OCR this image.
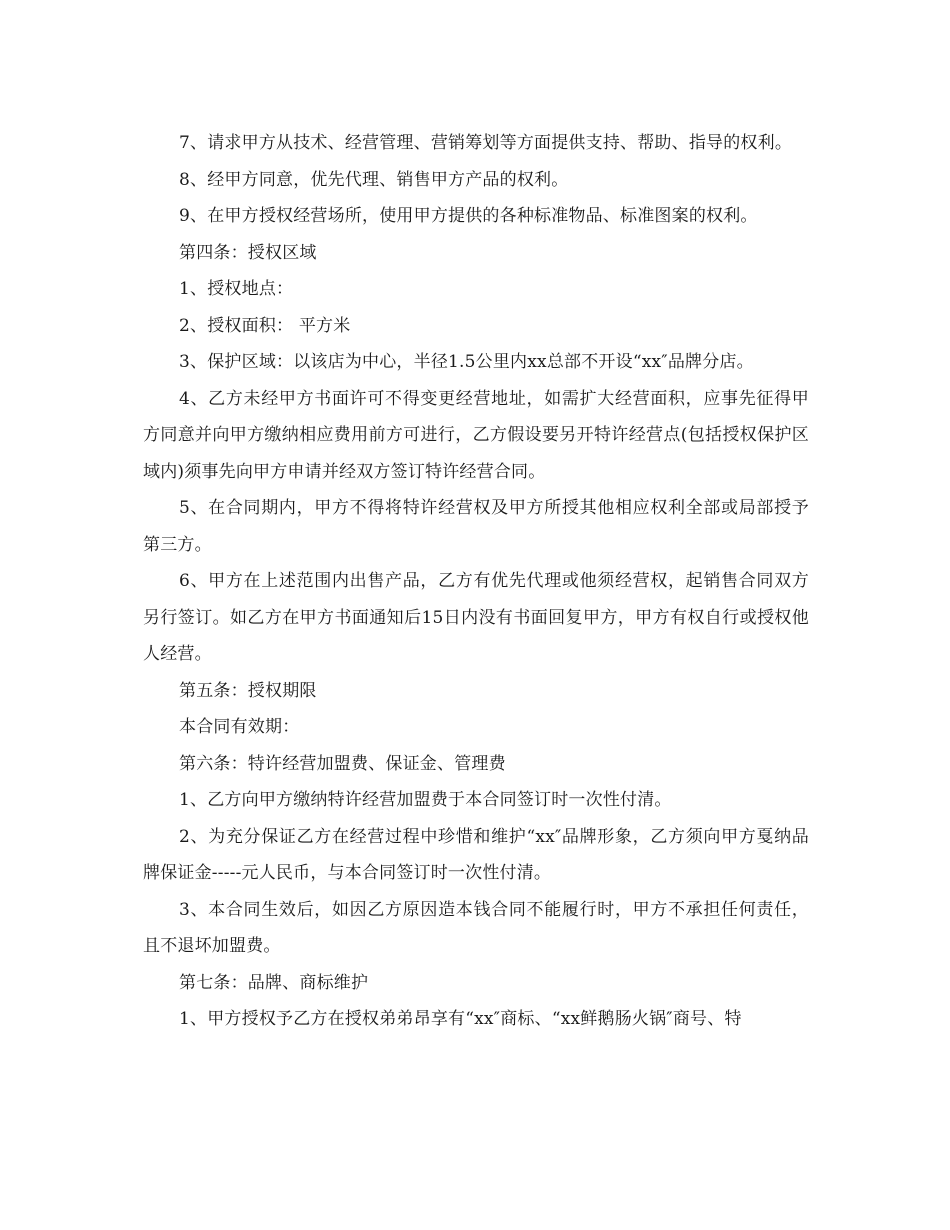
7、请求甲方从技术、经营管理、营销筹划等方面提供支持、帮助、指导的权利。

8、经甲方同意，优先代理、销售甲方产品的权利。

9、在甲方授权经营场所，使用甲方提供的各种标准物品、标准图案的权利。

第四条：授权区域

1、授权地点：

2、授权面积： 平方米

3、保护区域：以该店为中心，半径1.5公里内xx总部不开设“xx″品牌分店。

4、乙方未经甲方书面许可不得变更经营地址，如需扩大经营面积，应事先征得甲方同意并向甲方缴纳相应费用前方可进行，乙方假设要另开特许经营点(包括授权保护区域内)须事先向甲方申请并经双方签订特许经营合同。

5、在合同期内，甲方不得将特许经营权及甲方所授其他相应权利全部或局部授予第三方。

6、甲方在上述范围内出售产品，乙方有优先代理或他须经营权，起销售合同双方另行签订。如乙方在甲方书面通知后15日内没有书面回复甲方，甲方有权自行或授权他人经营。

第五条：授权期限

本合同有效期：

第六条：特许经营加盟费、保证金、管理费

1、乙方向甲方缴纳特许经营加盟费于本合同签订时一次性付清。

2、为充分保证乙方在经营过程中珍惜和维护“xx″品牌形象，乙方须向甲方戛纳品牌保证金-----元人民币，与本合同签订时一次性付清。

3、本合同生效后，如因乙方原因造本钱合同不能履行时，甲方不承担任何责任，且不退坏加盟费。

第七条：品牌、商标维护

1、甲方授权予乙方在授权弟弟昂享有“xx″商标、“xx鲜鹅肠火锅″商号、特
